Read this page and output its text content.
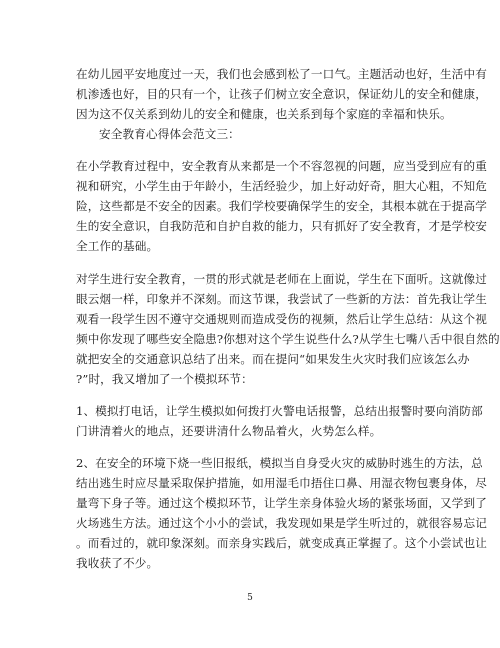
在幼儿园平安地度过一天，我们也会感到松了一口气。主题活动也好，生活中有
机渗透也好，目的只有一个，让孩子们树立安全意识，保证幼儿的安全和健康，
因为这不仅关系到幼儿的安全和健康，也关系到每个家庭的幸福和快乐。
安全教育心得体会范文三：
在小学教育过程中，安全教育从来都是一个不容忽视的问题，应当受到应有的重
视和研究，小学生由于年龄小，生活经验少，加上好动好奇，胆大心粗，不知危
险，这些都是不安全的因素。我们学校要确保学生的安全，其根本就在于提高学
生的安全意识，自我防范和自护自救的能力，只有抓好了安全教育，才是学校安
全工作的基础。
对学生进行安全教育，一贯的形式就是老师在上面说，学生在下面听。这就像过
眼云烟一样，印象并不深刻。而这节课，我尝试了一些新的方法：首先我让学生
观看一段学生因不遵守交通规则而造成受伤的视频，然后让学生总结：从这个视
频中你发现了哪些安全隐患?你想对这个学生说些什么?从学生七嘴八舌中很自然的
就把安全的交通意识总结了出来。而在提问“如果发生火灾时我们应该怎么办
?”时，我又增加了一个模拟环节：
1、模拟打电话，让学生模拟如何拨打火警电话报警，总结出报警时要向消防部
门讲清着火的地点，还要讲清什么物品着火，火势怎么样。
2、在安全的环境下烧一些旧报纸，模拟当自身受火灾的威胁时逃生的方法，总
结出逃生时应尽量采取保护措施，如用湿毛巾捂住口鼻、用湿衣物包裹身体，尽
量弯下身子等。通过这个模拟环节，让学生亲身体验火场的紧张场面，又学到了
火场逃生方法。通过这个小小的尝试，我发现如果是学生听过的，就很容易忘记
。而看过的，就印象深刻。而亲身实践后，就变成真正掌握了。这个小尝试也让
我收获了不少。
5
